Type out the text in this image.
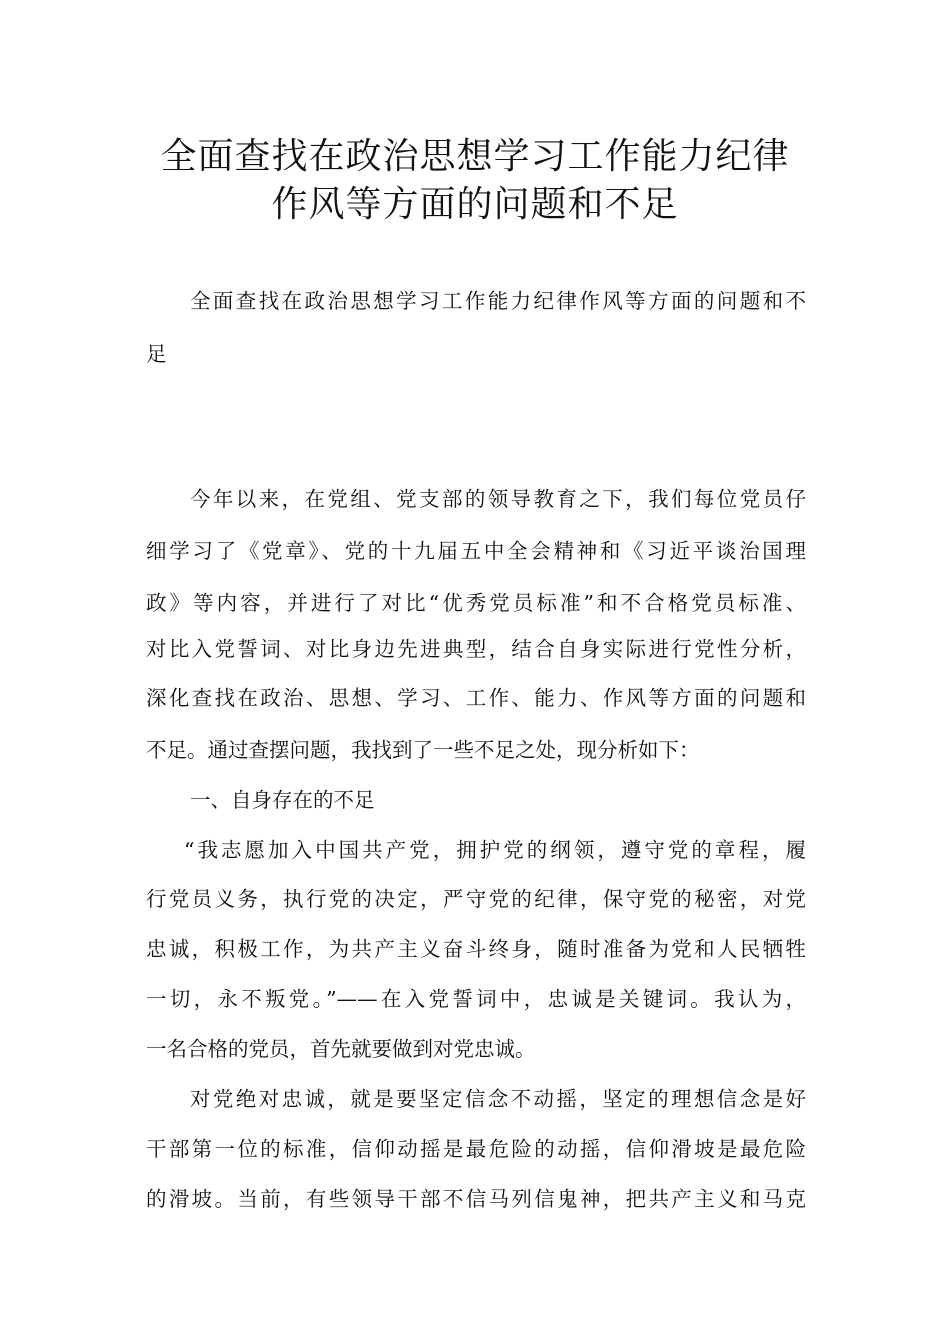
全面查找在政治思想学习工作能力纪律
作风等方面的问题和不足

全面查找在政治思想学习工作能力纪律作风等方面的问题和不

足

今年以来，在党组、党支部的领导教育之下，我们每位党员仔

细学习了《党章》、党的十九届五中全会精神和《习近平谈治国理

政》等内容，并进行了对比“优秀党员标准”和不合格党员标准、

对比入党誓词、对比身边先进典型，结合自身实际进行党性分析，

深化查找在政治、思想、学习、工作、能力、作风等方面的问题和

不足。通过查摆问题，我找到了一些不足之处，现分析如下：

一、自身存在的不足

“我志愿加入中国共产党，拥护党的纲领，遵守党的章程，履

行党员义务，执行党的决定，严守党的纪律，保守党的秘密，对党

忠诚，积极工作，为共产主义奋斗终身，随时准备为党和人民牺牲

一切，永不叛党。”——在入党誓词中，忠诚是关键词。我认为，

一名合格的党员，首先就要做到对党忠诚。

对党绝对忠诚，就是要坚定信念不动摇，坚定的理想信念是好

干部第一位的标准，信仰动摇是最危险的动摇，信仰滑坡是最危险

的滑坡。当前，有些领导干部不信马列信鬼神，把共产主义和马克
